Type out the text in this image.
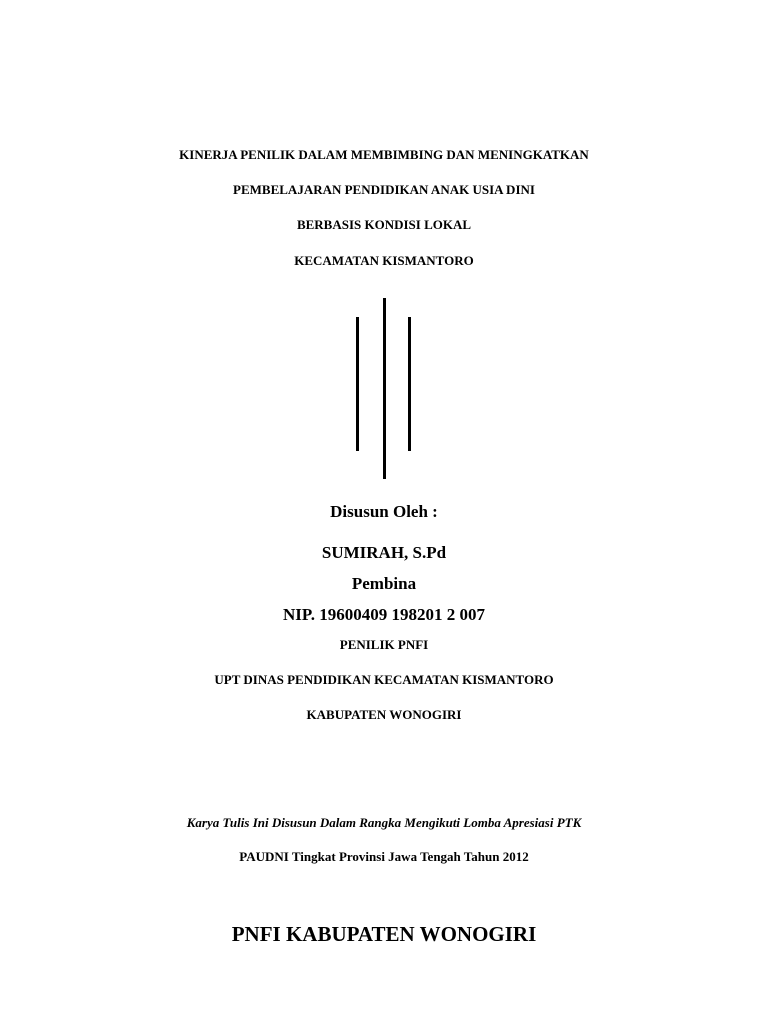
KINERJA PENILIK DALAM MEMBIMBING DAN MENINGKATKAN
PEMBELAJARAN PENDIDIKAN ANAK USIA DINI
BERBASIS KONDISI LOKAL
KECAMATAN KISMANTORO
Disusun Oleh :
SUMIRAH, S.Pd
Pembina
NIP. 19600409 198201 2 007
PENILIK PNFI
UPT DINAS PENDIDIKAN KECAMATAN KISMANTORO
KABUPATEN WONOGIRI
Karya Tulis Ini Disusun Dalam Rangka Mengikuti Lomba Apresiasi PTK
PAUDNI Tingkat Provinsi Jawa Tengah Tahun 2012
PNFI KABUPATEN WONOGIRI
